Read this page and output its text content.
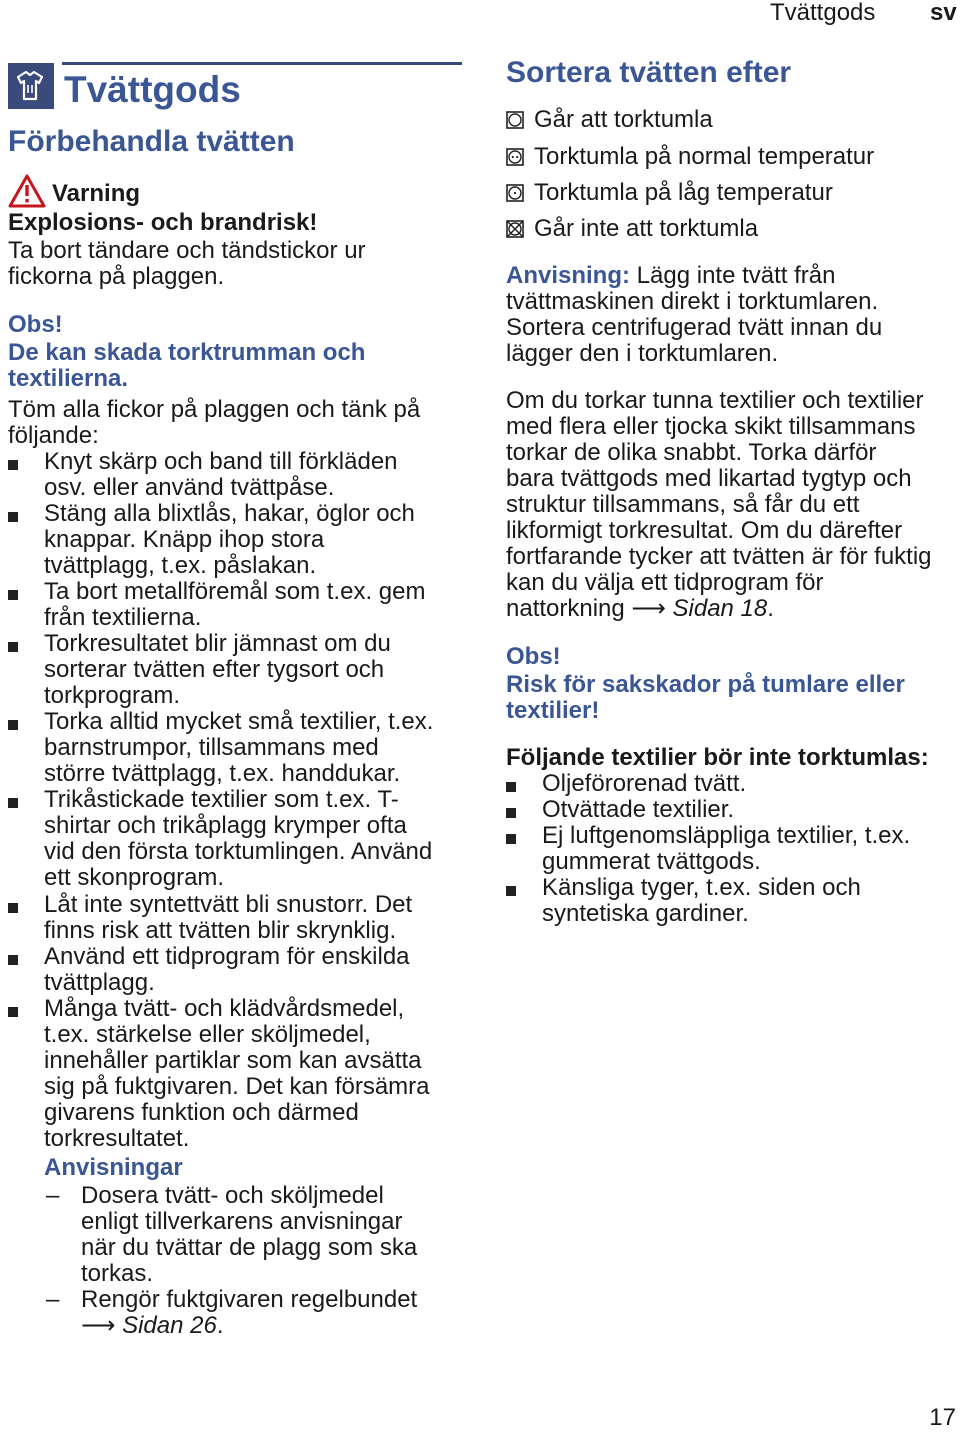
Tvättgods sv
Tvättgods
Förbehandla tvätten
Varning
Explosions- och brandrisk!
Ta bort tändare och tändstickor ur
fickorna på plaggen.
Obs!
De kan skada torktrumman och
textilierna.
Töm alla fickor på plaggen och tänk på
följande:
Knyt skärp och band till förkläden
osv. eller använd tvättpåse.
Stäng alla blixtlås, hakar, öglor och
knappar. Knäpp ihop stora
tvättplagg, t.ex. påslakan.
Ta bort metallföremål som t.ex. gem
från textilierna.
Torkresultatet blir jämnast om du
sorterar tvätten efter tygsort och
torkprogram.
Torka alltid mycket små textilier, t.ex.
barnstrumpor, tillsammans med
större tvättplagg, t.ex. handdukar.
Trikåstickade textilier som t.ex. T-
shirtar och trikåplagg krymper ofta
vid den första torktumlingen. Använd
ett skonprogram.
Låt inte syntettvätt bli snustorr. Det
finns risk att tvätten blir skrynklig.
Använd ett tidprogram för enskilda
tvättplagg.
Många tvätt- och klädvårdsmedel,
t.ex. stärkelse eller sköljmedel,
innehåller partiklar som kan avsätta
sig på fuktgivaren. Det kan försämra
givarens funktion och därmed
torkresultatet.
Anvisningar
– Dosera tvätt- och sköljmedel
enligt tillverkarens anvisningar
när du tvättar de plagg som ska
torkas.
– Rengör fuktgivaren regelbundet
⟶ Sidan 26.
Sortera tvätten efter
Går att torktumla
Torktumla på normal temperatur
Torktumla på låg temperatur
Går inte att torktumla
Anvisning: Lägg inte tvätt från
tvättmaskinen direkt i torktumlaren.
Sortera centrifugerad tvätt innan du
lägger den i torktumlaren.
Om du torkar tunna textilier och textilier
med flera eller tjocka skikt tillsammans
torkar de olika snabbt. Torka därför
bara tvättgods med likartad tygtyp och
struktur tillsammans, så får du ett
likformigt torkresultat. Om du därefter
fortfarande tycker att tvätten är för fuktig
kan du välja ett tidprogram för
nattorkning ⟶ Sidan 18.
Obs!
Risk för sakskador på tumlare eller
textilier!
Följande textilier bör inte torktumlas:
Oljeförorenad tvätt.
Otvättade textilier.
Ej luftgenomsläppliga textilier, t.ex.
gummerat tvättgods.
Känsliga tyger, t.ex. siden och
syntetiska gardiner.
17
